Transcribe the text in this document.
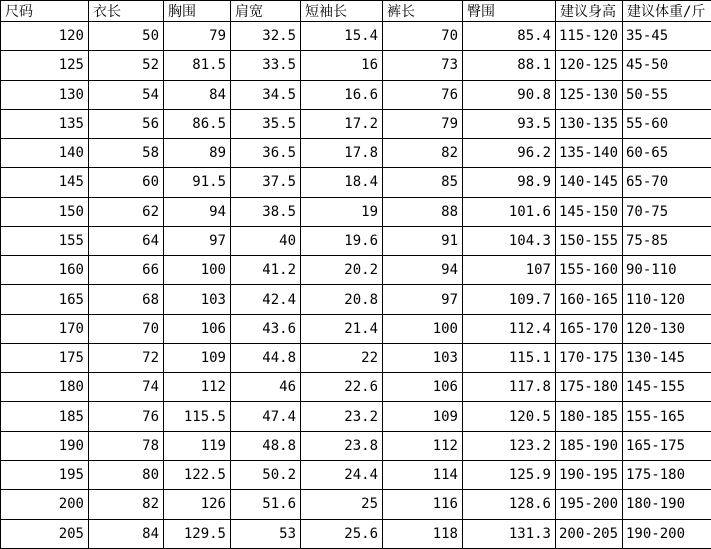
尺码	衣长	胸围	肩宽	短袖长	裤长	臀围	建议身高	建议体重/斤
120	50	79	32.5	15.4	70	85.4	115-120	35-45
125	52	81.5	33.5	16	73	88.1	120-125	45-50
130	54	84	34.5	16.6	76	90.8	125-130	50-55
135	56	86.5	35.5	17.2	79	93.5	130-135	55-60
140	58	89	36.5	17.8	82	96.2	135-140	60-65
145	60	91.5	37.5	18.4	85	98.9	140-145	65-70
150	62	94	38.5	19	88	101.6	145-150	70-75
155	64	97	40	19.6	91	104.3	150-155	75-85
160	66	100	41.2	20.2	94	107	155-160	90-110
165	68	103	42.4	20.8	97	109.7	160-165	110-120
170	70	106	43.6	21.4	100	112.4	165-170	120-130
175	72	109	44.8	22	103	115.1	170-175	130-145
180	74	112	46	22.6	106	117.8	175-180	145-155
185	76	115.5	47.4	23.2	109	120.5	180-185	155-165
190	78	119	48.8	23.8	112	123.2	185-190	165-175
195	80	122.5	50.2	24.4	114	125.9	190-195	175-180
200	82	126	51.6	25	116	128.6	195-200	180-190
205	84	129.5	53	25.6	118	131.3	200-205	190-200
